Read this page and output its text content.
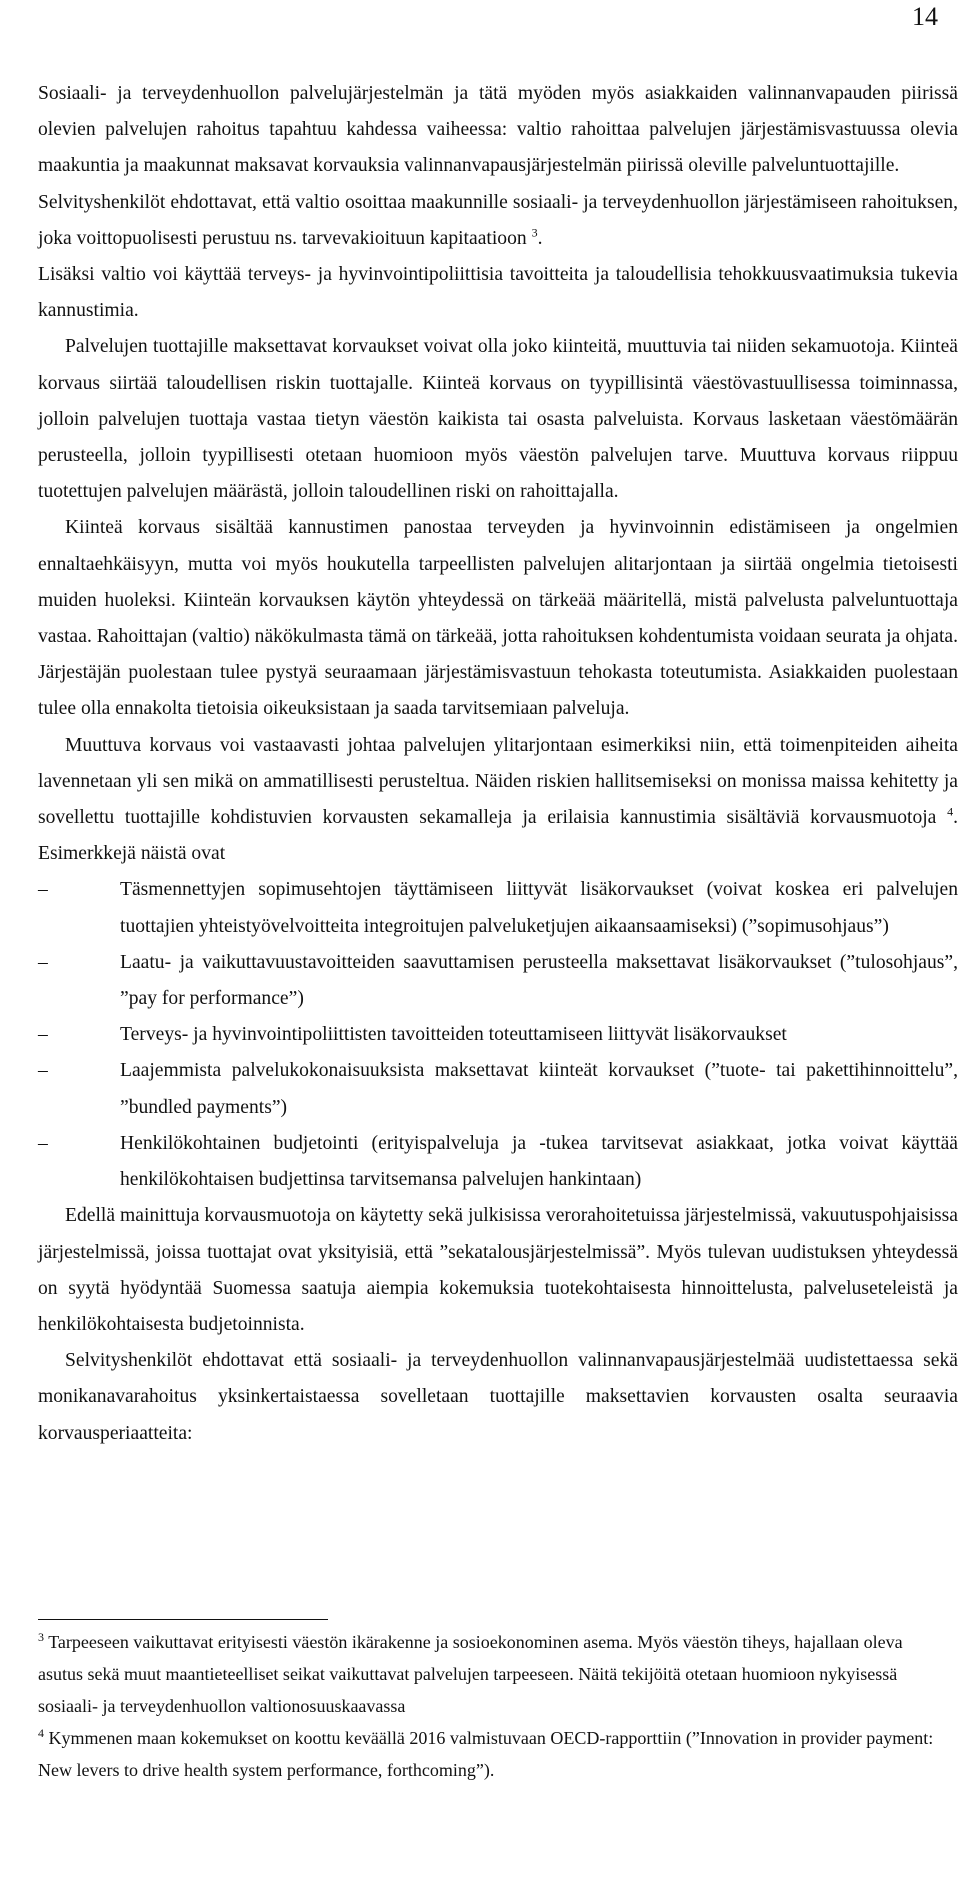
14

Sosiaali- ja terveydenhuollon palvelujärjestelmän ja tätä myöden myös asiakkaiden valinnanvapauden piirissä olevien palvelujen rahoitus tapahtuu kahdessa vaiheessa: valtio rahoittaa palvelujen järjestämisvastuussa olevia maakuntia ja maakunnat maksavat korvauksia valinnanvapausjärjestelmän piirissä oleville palveluntuottajille.

Selvityshenkilöt ehdottavat, että valtio osoittaa maakunnille sosiaali- ja terveydenhuollon järjestämiseen rahoituksen, joka voittopuolisesti perustuu ns. tarvevakioituun kapitaatioon $^3$.

Lisäksi valtio voi käyttää terveys- ja hyvinvointipoliittisia tavoitteita ja taloudellisia tehokkuusvaatimuksia tukevia kannustimia.

Palvelujen tuottajille maksettavat korvaukset voivat olla joko kiinteitä, muuttuvia tai niiden sekamuotoja. Kiinteä korvaus siirtää taloudellisen riskin tuottajalle. Kiinteä korvaus on tyypillisintä väestövastuullisessa toiminnassa, jolloin palvelujen tuottaja vastaa tietyn väestön kaikista tai osasta palveluista. Korvaus lasketaan väestömäärän perusteella, jolloin tyypillisesti otetaan huomioon myös väestön palvelujen tarve. Muuttuva korvaus riippuu tuotettujen palvelujen määrästä, jolloin taloudellinen riski on rahoittajalla.

Kiinteä korvaus sisältää kannustimen panostaa terveyden ja hyvinvoinnin edistämiseen ja ongelmien ennaltaehkäisyyn, mutta voi myös houkutella tarpeellisten palvelujen alitarjontaan ja siirtää ongelmia tietoisesti muiden huoleksi. Kiinteän korvauksen käytön yhteydessä on tärkeää määritellä, mistä palvelusta palveluntuottaja vastaa. Rahoittajan (valtio) näkökulmasta tämä on tärkeää, jotta rahoituksen kohdentumista voidaan seurata ja ohjata. Järjestäjän puolestaan tulee pystyä seuraamaan järjestämisvastuun tehokasta toteutumista. Asiakkaiden puolestaan tulee olla ennakolta tietoisia oikeuksistaan ja saada tarvitsemiaan palveluja.

Muuttuva korvaus voi vastaavasti johtaa palvelujen ylitarjontaan esimerkiksi niin, että toimenpiteiden aiheita lavennetaan yli sen mikä on ammatillisesti perusteltua. Näiden riskien hallitsemiseksi on monissa maissa kehitetty ja sovellettu tuottajille kohdistuvien korvausten sekamalleja ja erilaisia kannustimia sisältäviä korvausmuotoja $^4$. Esimerkkejä näistä ovat

–	Täsmennettyjen sopimusehtojen täyttämiseen liittyvät lisäkorvaukset (voivat koskea eri palvelujen tuottajien yhteistyövelvoitteita integroitujen palveluketjujen aikaansaamiseksi) (”sopimusohjaus”)
–	Laatu- ja vaikuttavuustavoitteiden saavuttamisen perusteella maksettavat lisäkorvaukset (”tulosohjaus”, ”pay for performance”)
–	Terveys- ja hyvinvointipoliittisten tavoitteiden toteuttamiseen liittyvät lisäkorvaukset
–	Laajemmista palvelukokonaisuuksista maksettavat kiinteät korvaukset (”tuote- tai pakettihinnoittelu”, ”bundled payments”)
–	Henkilökohtainen budjetointi (erityispalveluja ja -tukea tarvitsevat asiakkaat, jotka voivat käyttää henkilökohtaisen budjettinsa tarvitsemansa palvelujen hankintaan)

Edellä mainittuja korvausmuotoja on käytetty sekä julkisissa verorahoitetuissa järjestelmissä, vakuutuspohjaisissa järjestelmissä, joissa tuottajat ovat yksityisiä, että ”sekatalousjärjestelmissä”. Myös tulevan uudistuksen yhteydessä on syytä hyödyntää Suomessa saatuja aiempia kokemuksia tuotekohtaisesta hinnoittelusta, palveluseteleistä ja henkilökohtaisesta budjetoinnista.

Selvityshenkilöt ehdottavat että sosiaali- ja terveydenhuollon valinnanvapausjärjestelmää uudistettaessa sekä monikanavarahoitus yksinkertaistaessa sovelletaan tuottajille maksettavien korvausten osalta seuraavia korvausperiaatteita:

$^3$ Tarpeeseen vaikuttavat erityisesti väestön ikärakenne ja sosioekonominen asema. Myös väestön tiheys, hajallaan oleva asutus sekä muut maantieteelliset seikat vaikuttavat palvelujen tarpeeseen. Näitä tekijöitä otetaan huomioon nykyisessä sosiaali- ja terveydenhuollon valtionosuuskaavassa

$^4$ Kymmenen maan kokemukset on koottu keväällä 2016 valmistuvaan OECD-rapporttiin (”Innovation in provider payment: New levers to drive health system performance, forthcoming”).
